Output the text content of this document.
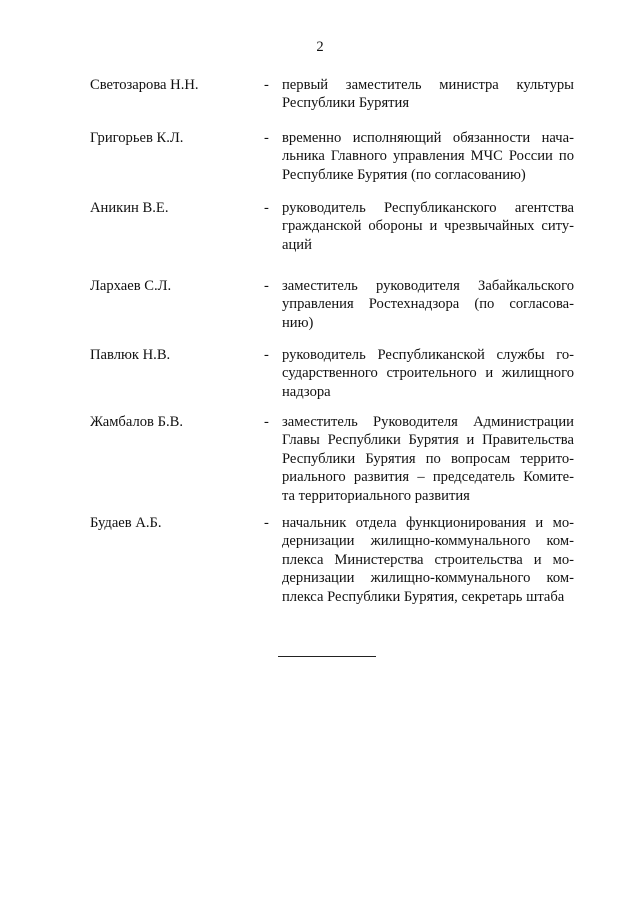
2
Светозарова Н.Н.	- первый заместитель министра культуры
Республики Бурятия
Григорьев К.Л.	- временно исполняющий обязанности нача-
льника Главного управления МЧС России по
Республике Бурятия (по согласованию)
Аникин В.Е.	- руководитель Республиканского агентства
гражданской обороны и чрезвычайных ситу-
аций
Лархаев С.Л.	- заместитель руководителя Забайкальского
управления Ростехнадзора (по согласова-
нию)
Павлюк Н.В.	- руководитель Республиканской службы го-
сударственного строительного и жилищного
надзора
Жамбалов Б.В.	- заместитель Руководителя Администрации
Главы Республики Бурятия и Правительства
Республики Бурятия по вопросам террито-
риального развития – председатель Комите-
та территориального развития
Будаев А.Б.	- начальник отдела функционирования и мо-
дернизации жилищно-коммунального ком-
плекса Министерства строительства и мо-
дернизации жилищно-коммунального ком-
плекса Республики Бурятия, секретарь штаба
